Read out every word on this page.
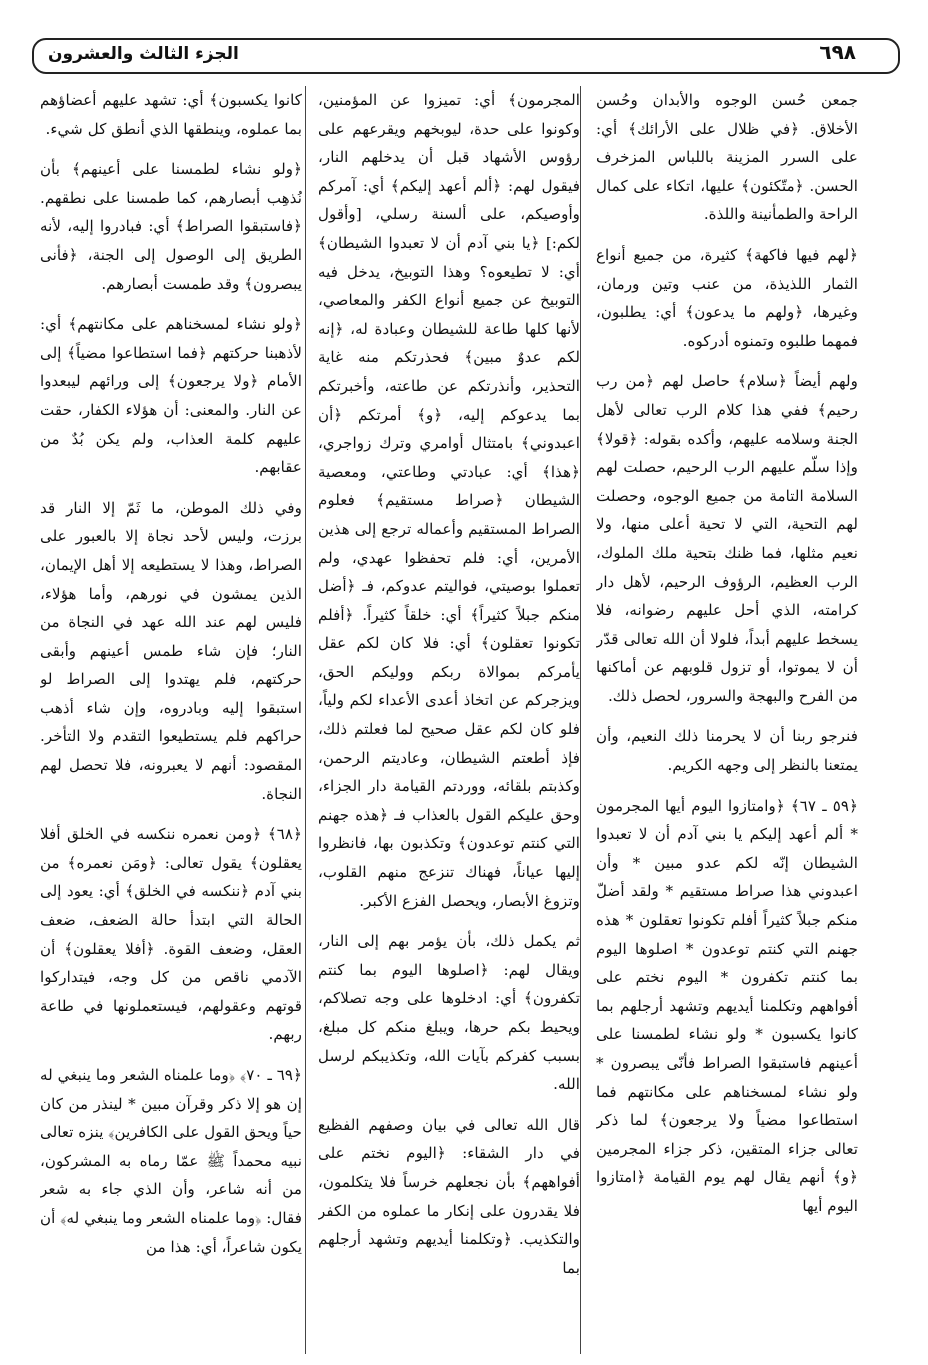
٦٩٨
الجزء الثالث والعشرون

جمعن حُسن الوجوه والأبدان وحُسن الأخلاق. ﴿في ظلال على الأرائك﴾ أي: على السرر المزينة باللباس المزخرف الحسن. ﴿متّكئون﴾ عليها، اتكاء على كمال الراحة والطمأنينة واللذة.

﴿لهم فيها فاكهة﴾ كثيرة، من جميع أنواع الثمار اللذيذة، من عنب وتين ورمان، وغيرها، ﴿ولهم ما يدعون﴾ أي: يطلبون، فمهما طلبوه وتمنوه أدركوه.

ولهم أيضاً ﴿سلام﴾ حاصل لهم ﴿من رب رحيم﴾ ففي هذا كلام الرب تعالى لأهل الجنة وسلامه عليهم، وأكده بقوله: ﴿قولا﴾ وإذا سلّم عليهم الرب الرحيم، حصلت لهم السلامة التامة من جميع الوجوه، وحصلت لهم التحية، التي لا تحية أعلى منها، ولا نعيم مثلها، فما ظنك بتحية ملك الملوك، الرب العظيم، الرؤوف الرحيم، لأهل دار كرامته، الذي أحل عليهم رضوانه، فلا يسخط عليهم أبداً، فلولا أن الله تعالى قدّر أن لا يموتوا، أو تزول قلوبهم عن أماكنها من الفرح والبهجة والسرور، لحصل ذلك.

فنرجو ربنا أن لا يحرمنا ذلك النعيم، وأن يمتعنا بالنظر إلى وجهه الكريم.

﴿٥٩ ـ ٦٧﴾ ﴿وامتازوا اليوم أيها المجرمون * ألم أعهد إليكم يا بني آدم أن لا تعبدوا الشيطان إنّه لكم عدو مبين * وأن اعبدوني هذا صراط مستقيم * ولقد أضلّ منكم جبلاً كثيراً أفلم تكونوا تعقلون * هذه جهنم التي كنتم توعدون * اصلوها اليوم بما كنتم تكفرون * اليوم نختم على أفواههم وتكلمنا أيديهم وتشهد أرجلهم بما كانوا يكسبون * ولو نشاء لطمسنا على أعينهم فاستبقوا الصراط فأنّى يبصرون * ولو نشاء لمسخناهم على مكانتهم فما استطاعوا مضياً ولا يرجعون﴾ لما ذكر تعالى جزاء المتقين، ذكر جزاء المجرمين ﴿و﴾ أنهم يقال لهم يوم القيامة ﴿امتازوا اليوم أيها

المجرمون﴾ أي: تميزوا عن المؤمنين، وكونوا على حدة، ليوبخهم ويقرعهم على رؤوس الأشهاد قبل أن يدخلهم النار، فيقول لهم: ﴿ألم أعهد إليكم﴾ أي: آمركم وأوصيكم، على ألسنة رسلي، [وأقول لكم:] ﴿يا بني آدم أن لا تعبدوا الشيطان﴾ أي: لا تطيعوه؟ وهذا التوبيخ، يدخل فيه التوبيخ عن جميع أنواع الكفر والمعاصي، لأنها كلها طاعة للشيطان وعبادة له، ﴿إنه لكم عدوٌ مبين﴾ فحذرتكم منه غاية التحذير، وأنذرتكم عن طاعته، وأخبرتكم بما يدعوكم إليه، ﴿و﴾ أمرتكم ﴿أن اعبدوني﴾ بامتثال أوامري وترك زواجري، ﴿هذا﴾ أي: عبادتي وطاعتي، ومعصية الشيطان ﴿صراط مستقيم﴾ فعلوم الصراط المستقيم وأعماله ترجع إلى هذين الأمرين، أي: فلم تحفظوا عهدي، ولم تعملوا بوصيتي، فواليتم عدوكم، فـ ﴿أضل منكم جبلاً كثيراً﴾ أي: خلقاً كثيراً. ﴿أفلم تكونوا تعقلون﴾ أي: فلا كان لكم عقل يأمركم بموالاة ربكم ووليكم الحق، ويزجركم عن اتخاذ أعدى الأعداء لكم ولياً، فلو كان لكم عقل صحيح لما فعلتم ذلك، فإذ أطعتم الشيطان، وعاديتم الرحمن، وكذبتم بلقائه، ووردتم القيامة دار الجزاء، وحق عليكم القول بالعذاب فـ ﴿هذه جهنم التي كنتم توعدون﴾ وتكذبون بها، فانظروا إليها عياناً، فهناك تنزعج منهم القلوب، وتزوغ الأبصار، ويحصل الفزع الأكبر.

ثم يكمل ذلك، بأن يؤمر بهم إلى النار، ويقال لهم: ﴿اصلوها اليوم بما كنتم تكفرون﴾ أي: ادخلوها على وجه تصلاكم، ويحيط بكم حرها، ويبلغ منكم كل مبلغ، بسبب كفركم بآيات الله، وتكذيبكم لرسل الله.

قال الله تعالى في بيان وصفهم الفظيع في دار الشقاء: ﴿اليوم نختم على أفواههم﴾ بأن نجعلهم خرساً فلا يتكلمون، فلا يقدرون على إنكار ما عملوه من الكفر والتكذيب. ﴿وتكلمنا أيديهم وتشهد أرجلهم بما

كانوا يكسبون﴾ أي: تشهد عليهم أعضاؤهم بما عملوه، وينطقها الذي أنطق كل شيء.

﴿ولو نشاء لطمسنا على أعينهم﴾ بأن نُذهِب أبصارهم، كما طمسنا على نطقهم. ﴿فاستبقوا الصراط﴾ أي: فبادروا إليه، لأنه الطريق إلى الوصول إلى الجنة، ﴿فأنى يبصرون﴾ وقد طمست أبصارهم.

﴿ولو نشاء لمسخناهم على مكانتهم﴾ أي: لأذهبنا حركتهم ﴿فما استطاعوا مضياً﴾ إلى الأمام ﴿ولا يرجعون﴾ إلى ورائهم ليبعدوا عن النار. والمعنى: أن هؤلاء الكفار، حقت عليهم كلمة العذاب، ولم يكن بُدٌ من عقابهم.

وفي ذلك الموطن، ما ثَمّ إلا النار قد برزت، وليس لأحد نجاة إلا بالعبور على الصراط، وهذا لا يستطيعه إلا أهل الإيمان، الذين يمشون في نورهم، وأما هؤلاء، فليس لهم عند الله عهد في النجاة من النار؛ فإن شاء طمس أعينهم وأبقى حركتهم، فلم يهتدوا إلى الصراط لو استبقوا إليه وبادروه، وإن شاء أذهب حراكهم فلم يستطيعوا التقدم ولا التأخر. المقصود: أنهم لا يعبرونه، فلا تحصل لهم النجاة.

﴿٦٨﴾ ﴿ومن نعمره ننكسه في الخلق أفلا يعقلون﴾ يقول تعالى: ﴿ومَن نعمره﴾ من بني آدم ﴿ننكسه في الخلق﴾ أي: يعود إلى الحالة التي ابتدأ حالة الضعف، ضعف العقل، وضعف القوة. ﴿أفلا يعقلون﴾ أن الآدمي ناقص من كل وجه، فيتداركوا قوتهم وعقولهم، فيستعملونها في طاعة ربهم.

﴿٦٩ ـ ٧٠﴾ ﴿وما علمناه الشعر وما ينبغي له إن هو إلا ذكر وقرآن مبين * لينذر من كان حياً ويحق القول على الكافرين﴾ ينزه تعالى نبيه محمداً ﷺ عمّا رماه به المشركون، من أنه شاعر، وأن الذي جاء به شعر فقال: ﴿وما علمناه الشعر وما ينبغي له﴾ أن يكون شاعراً، أي: هذا من
